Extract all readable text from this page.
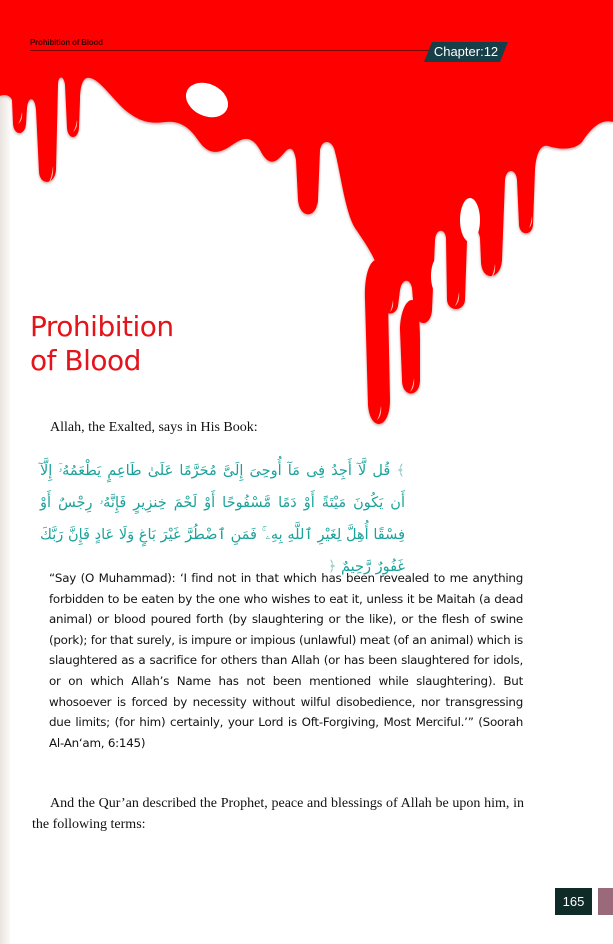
Prohibition of Blood
Chapter:12
Prohibition
of Blood
Allah, the Exalted, says in His Book:
﴾ قُل لَّآ أَجِدُ فِى مَآ أُوحِىَ إِلَىَّ مُحَرَّمًا عَلَىٰ طَاعِمٍ يَطْعَمُهُۥٓ إِلَّآ أَن يَكُونَ مَيْتَةً أَوْ دَمًا مَّسْفُوحًا أَوْ لَحْمَ خِنزِيرٍ فَإِنَّهُۥ رِجْسٌ أَوْ فِسْقًا أُهِلَّ لِغَيْرِ ٱللَّهِ بِهِۦ ۚ فَمَنِ ٱضْطُرَّ غَيْرَ بَاغٍ وَلَا عَادٍ فَإِنَّ رَبَّكَ غَفُورٌ رَّحِيمٌ ﴿
“Say (O Muhammad): ‘I find not in that which has been revealed to me anything forbidden to be eaten by the one who wishes to eat it, unless it be Maitah (a dead animal) or blood poured forth (by slaughtering or the like), or the flesh of swine (pork); for that surely, is impure or impious (unlawful) meat (of an animal) which is slaughtered as a sacrifice for others than Allah (or has been slaughtered for idols, or on which Allah’s Name has not been mentioned while slaughtering). But whosoever is forced by necessity without wilful disobedience, nor transgressing due limits; (for him) certainly, your Lord is Oft-Forgiving, Most Merciful.’” (Soorah Al-An‘am, 6:145)
And the Qur’an described the Prophet, peace and blessings of Allah be upon him, in the following terms:
165
